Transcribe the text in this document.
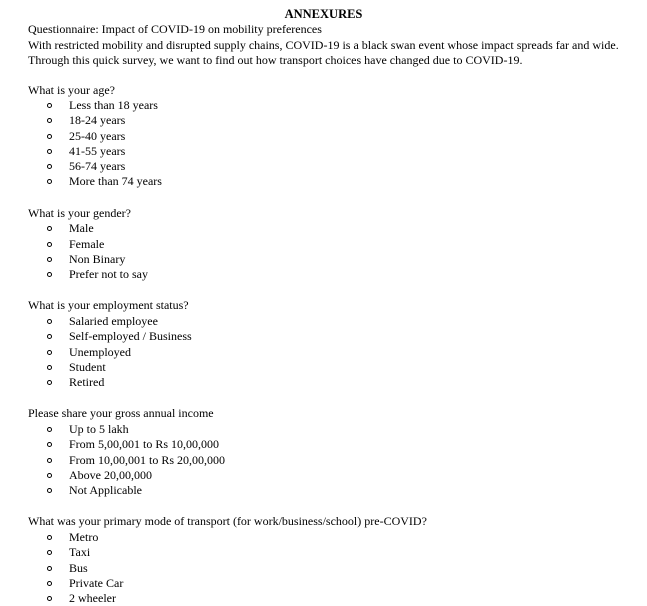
ANNEXURES
Questionnaire: Impact of COVID-19 on mobility preferences
With restricted mobility and disrupted supply chains, COVID-19 is a black swan event whose impact spreads far and wide.
Through this quick survey, we want to find out how transport choices have changed due to COVID-19.
What is your age?
Less than 18 years
18-24 years
25-40 years
41-55 years
56-74 years
More than 74 years
What is your gender?
Male
Female
Non Binary
Prefer not to say
What is your employment status?
Salaried employee
Self-employed / Business
Unemployed
Student
Retired
Please share your gross annual income
Up to 5 lakh
From 5,00,001 to Rs 10,00,000
From 10,00,001 to Rs 20,00,000
Above 20,00,000
Not Applicable
What was your primary mode of transport (for work/business/school) pre-COVID?
Metro
Taxi
Bus
Private Car
2 wheeler
